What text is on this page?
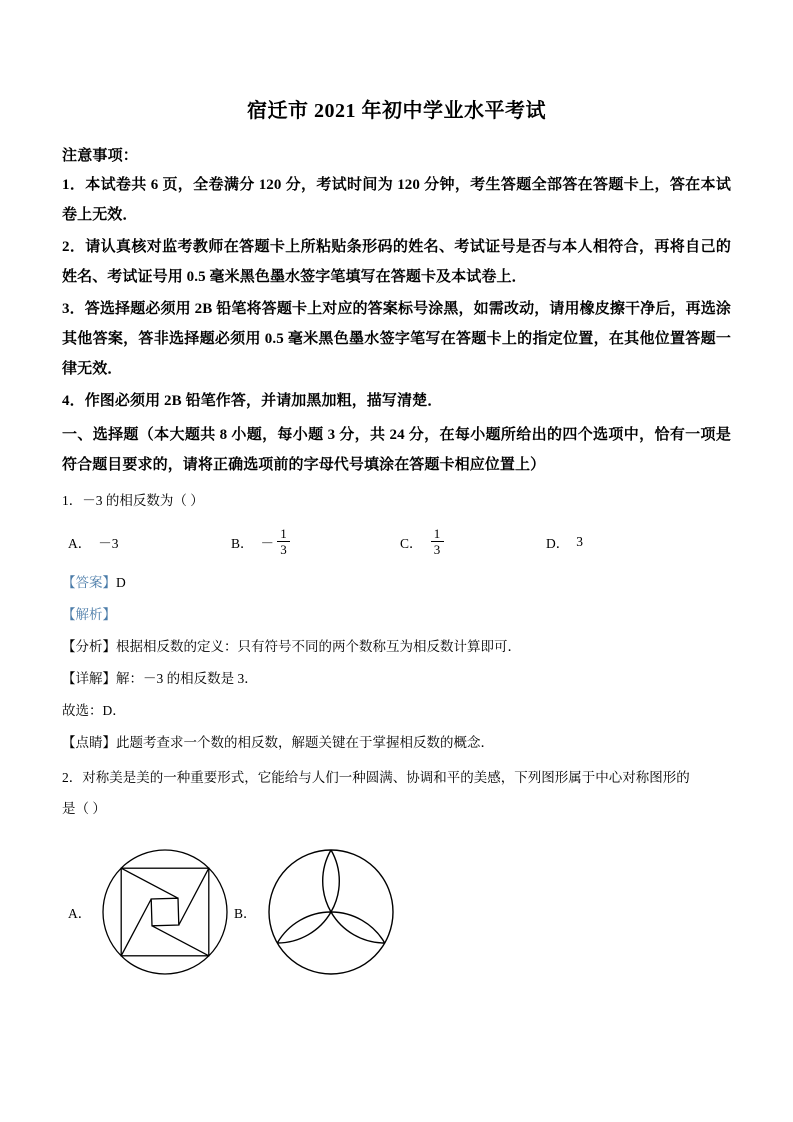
宿迁市 2021 年初中学业水平考试
注意事项：
1．本试卷共 6 页，全卷满分 120 分，考试时间为 120 分钟，考生答题全部答在答题卡上，答在本试卷上无效．
2．请认真核对监考教师在答题卡上所粘贴条形码的姓名、考试证号是否与本人相符合，再将自己的姓名、考试证号用 0.5 毫米黑色墨水签字笔填写在答题卡及本试卷上．
3．答选择题必须用 2B 铅笔将答题卡上对应的答案标号涂黑，如需改动，请用橡皮擦干净后，再选涂其他答案，答非选择题必须用 0.5 毫米黑色墨水签字笔写在答题卡上的指定位置，在其他位置答题一律无效．
4．作图必须用 2B 铅笔作答，并请加黑加粗，描写清楚．
一、选择题（本大题共 8 小题，每小题 3 分，共 24 分，在每小题所给出的四个选项中，恰有一项是符合题目要求的，请将正确选项前的字母代号填涂在答题卡相应位置上）
1．－3 的相反数为（ ）
A． －3	B． － $\frac{1}{3}$	C． $\frac{1}{3}$	D． 3
【答案】D
【解析】
【分析】根据相反数的定义：只有符号不同的两个数称互为相反数计算即可．
【详解】解：－3 的相反数是 3．
故选：D．
【点睛】此题考查求一个数的相反数，解题关键在于掌握相反数的概念．
2．对称美是美的一种重要形式，它能给与人们一种圆满、协调和平的美感，下列图形属于中心对称图形的
是（ ）
A．	B．
